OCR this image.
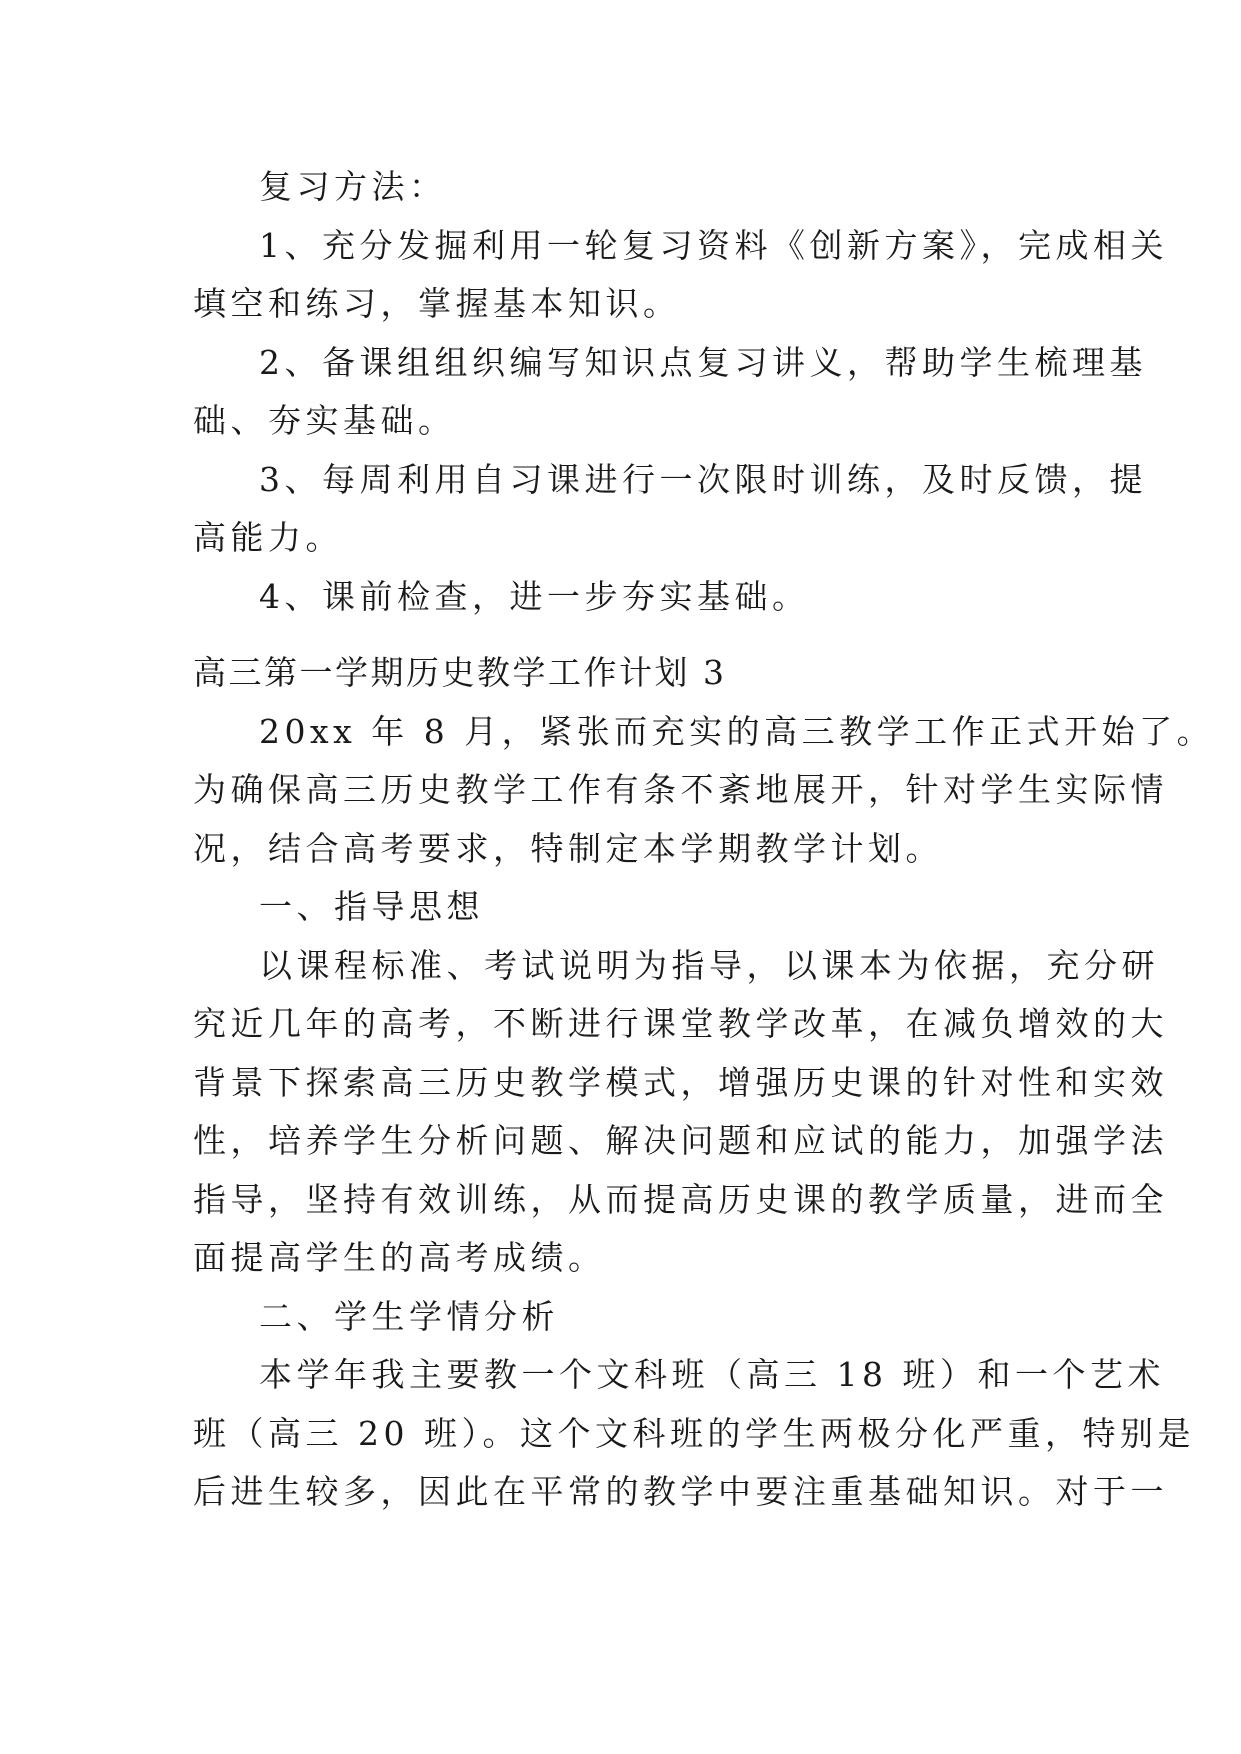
复习方法：

1、充分发掘利用一轮复习资料《创新方案》，完成相关

填空和练习，掌握基本知识。

2、备课组组织编写知识点复习讲义，帮助学生梳理基

础、夯实基础。

3、每周利用自习课进行一次限时训练，及时反馈，提

高能力。

4、课前检查，进一步夯实基础。

高三第一学期历史教学工作计划 3

20xx 年 8 月，紧张而充实的高三教学工作正式开始了。

为确保高三历史教学工作有条不紊地展开，针对学生实际情

况，结合高考要求，特制定本学期教学计划。

一、指导思想

以课程标准、考试说明为指导，以课本为依据，充分研

究近几年的高考，不断进行课堂教学改革，在减负增效的大

背景下探索高三历史教学模式，增强历史课的针对性和实效

性，培养学生分析问题、解决问题和应试的能力，加强学法

指导，坚持有效训练，从而提高历史课的教学质量，进而全

面提高学生的高考成绩。

二、学生学情分析

本学年我主要教一个文科班（高三 18 班）和一个艺术

班（高三 20 班）。这个文科班的学生两极分化严重，特别是

后进生较多，因此在平常的教学中要注重基础知识。对于一
